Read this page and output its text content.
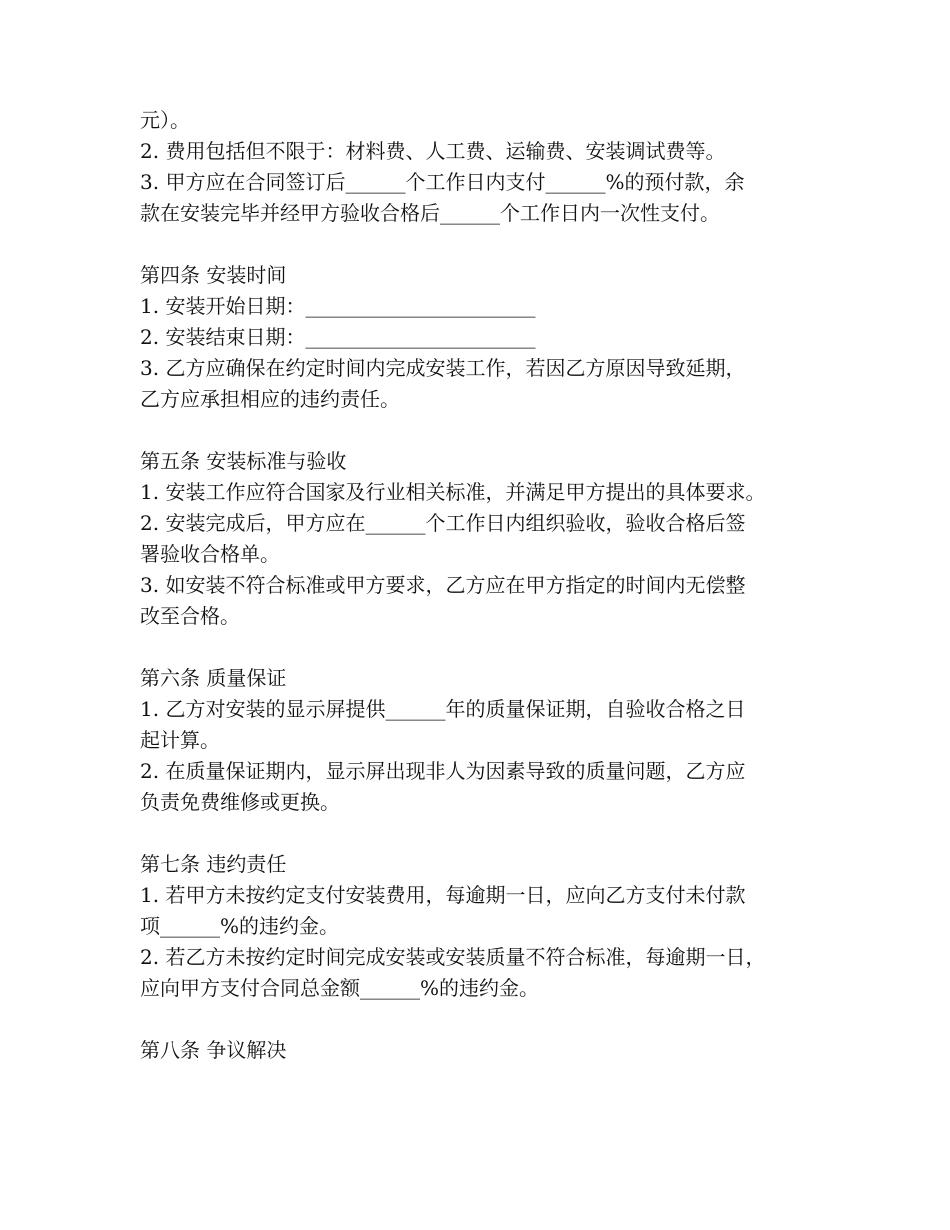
元）。
2. 费用包括但不限于：材料费、人工费、运输费、安装调试费等。
3. 甲方应在合同签订后______个工作日内支付______%的预付款，余
款在安装完毕并经甲方验收合格后______个工作日内一次性支付。
第四条 安装时间
1. 安装开始日期：_______________________
2. 安装结束日期：_______________________
3. 乙方应确保在约定时间内完成安装工作，若因乙方原因导致延期，
乙方应承担相应的违约责任。
第五条 安装标准与验收
1. 安装工作应符合国家及行业相关标准，并满足甲方提出的具体要求。
2. 安装完成后，甲方应在______个工作日内组织验收，验收合格后签
署验收合格单。
3. 如安装不符合标准或甲方要求，乙方应在甲方指定的时间内无偿整
改至合格。
第六条 质量保证
1. 乙方对安装的显示屏提供______年的质量保证期，自验收合格之日
起计算。
2. 在质量保证期内，显示屏出现非人为因素导致的质量问题，乙方应
负责免费维修或更换。
第七条 违约责任
1. 若甲方未按约定支付安装费用，每逾期一日，应向乙方支付未付款
项______%的违约金。
2. 若乙方未按约定时间完成安装或安装质量不符合标准，每逾期一日，
应向甲方支付合同总金额______%的违约金。
第八条 争议解决
